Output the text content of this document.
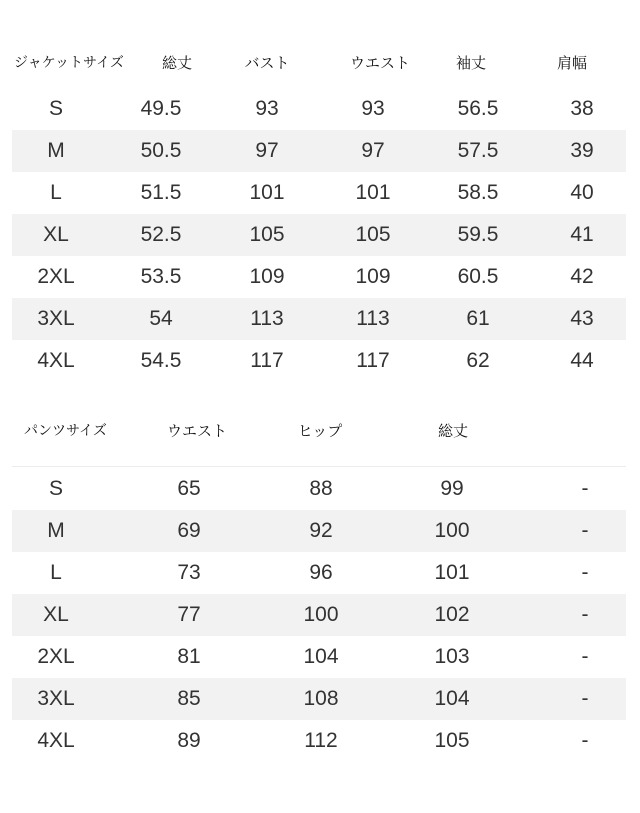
ジャケットサイズ	総丈	バスト	ウエスト	袖丈	肩幅
S	49.5	93	93	56.5	38
M	50.5	97	97	57.5	39
L	51.5	101	101	58.5	40
XL	52.5	105	105	59.5	41
2XL	53.5	109	109	60.5	42
3XL	54	113	113	61	43
4XL	54.5	117	117	62	44
パンツサイズ	ウエスト	ヒップ	総丈
S	65	88	99	-
M	69	92	100	-
L	73	96	101	-
XL	77	100	102	-
2XL	81	104	103	-
3XL	85	108	104	-
4XL	89	112	105	-
